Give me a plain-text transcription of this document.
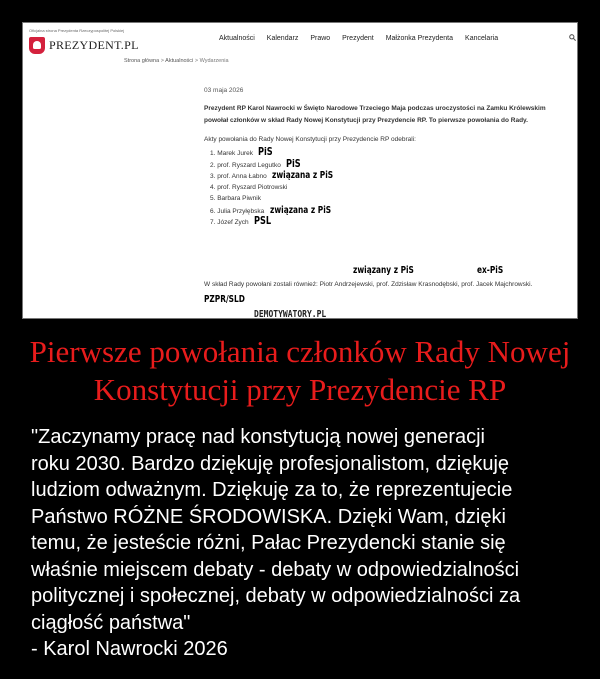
Oficjalna strona Prezydenta Rzeczypospolitej Polskiej
PREZYDENT.PL	Aktualności Kalendarz Prawo Prezydent Małżonka Prezydenta Kancelaria
Strona główna > Aktualności > Wydarzenia
03 maja 2026
Prezydent RP Karol Nawrocki w Święto Narodowe Trzeciego Maja podczas uroczystości na Zamku Królewskim powołał członków w skład Rady Nowej Konstytucji przy Prezydencie RP. To pierwsze powołania do Rady.
Akty powołania do Rady Nowej Konstytucji przy Prezydencie RP odebrali:
1. Marek Jurek PiS
2. prof. Ryszard Legutko PiS
3. prof. Anna Łabno związana z PiS
4. prof. Ryszard Piotrowski
5. Barbara Piwnik
6. Julia Przyłębska związana z PiS
7. Józef Zych PSL
związany z PiS	ex-PiS
W skład Rady powołani zostali również: Piotr Andrzejewski, prof. Zdzisław Krasnodębski, prof. Jacek Majchrowski. PZPR/SLD
DEMOTYWATORY.PL
Pierwsze powołania członków Rady Nowej Konstytucji przy Prezydencie RP

"Zaczynamy pracę nad konstytucją nowej generacji

roku 2030. Bardzo dziękuję profesjonalistom, dziękuję

ludziom odważnym. Dziękuję za to, że reprezentujecie

Państwo RÓŻNE ŚRODOWISKA. Dzięki Wam, dzięki

temu, że jesteście różni, Pałac Prezydencki stanie się

właśnie miejscem debaty - debaty w odpowiedzialności

politycznej i społecznej, debaty w odpowiedzialności za

ciągłość państwa"

- Karol Nawrocki 2026
